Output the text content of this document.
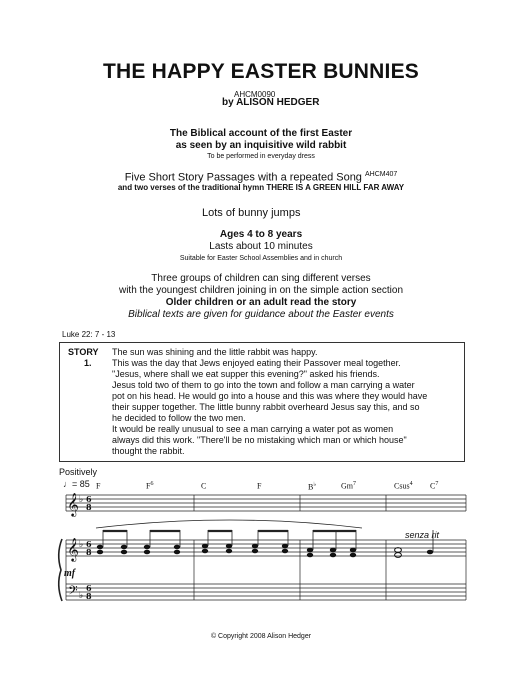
THE HAPPY EASTER BUNNIES
AHCM0090
by ALISON HEDGER
The Biblical account of the first Easter
as seen by an inquisitive wild rabbit
To be performed in everyday dress
Five Short Story Passages with a repeated Song $^{AHCM407}$
and two verses of the traditional hymn THERE IS A GREEN HILL FAR AWAY
Lots of bunny jumps
Ages 4 to 8 years
Lasts about 10 minutes
Suitable for Easter School Assemblies and in church
Three groups of children can sing different verses
with the youngest children joining in on the simple action section
Older children or an adult read the story
Biblical texts are given for guidance about the Easter events
Luke 22: 7 - 13
STORY
1.
The sun was shining and the little rabbit was happy.
This was the day that Jews enjoyed eating their Passover meal together.
"Jesus, where shall we eat supper this evening?" asked his friends.
Jesus told two of them to go into the town and follow a man carrying a water
pot on his head. He would go into a house and this was where they would have
their supper together. The little bunny rabbit overheard Jesus say this, and so
he decided to follow the two men.
It would be really unusual to see a man carrying a water pot as women
always did this work. "There'll be no mistaking which man or which house"
thought the rabbit.
Positively
♩= 85 F	$F^6$	C	F	B♭	Gm$^7$	Csus$^4$ $C^7$
senza rit
mf
𝄞
𝄞
𝄢
♭
♭
♭
6
8
6
8
6
8
© Copyright 2008 Alison Hedger
